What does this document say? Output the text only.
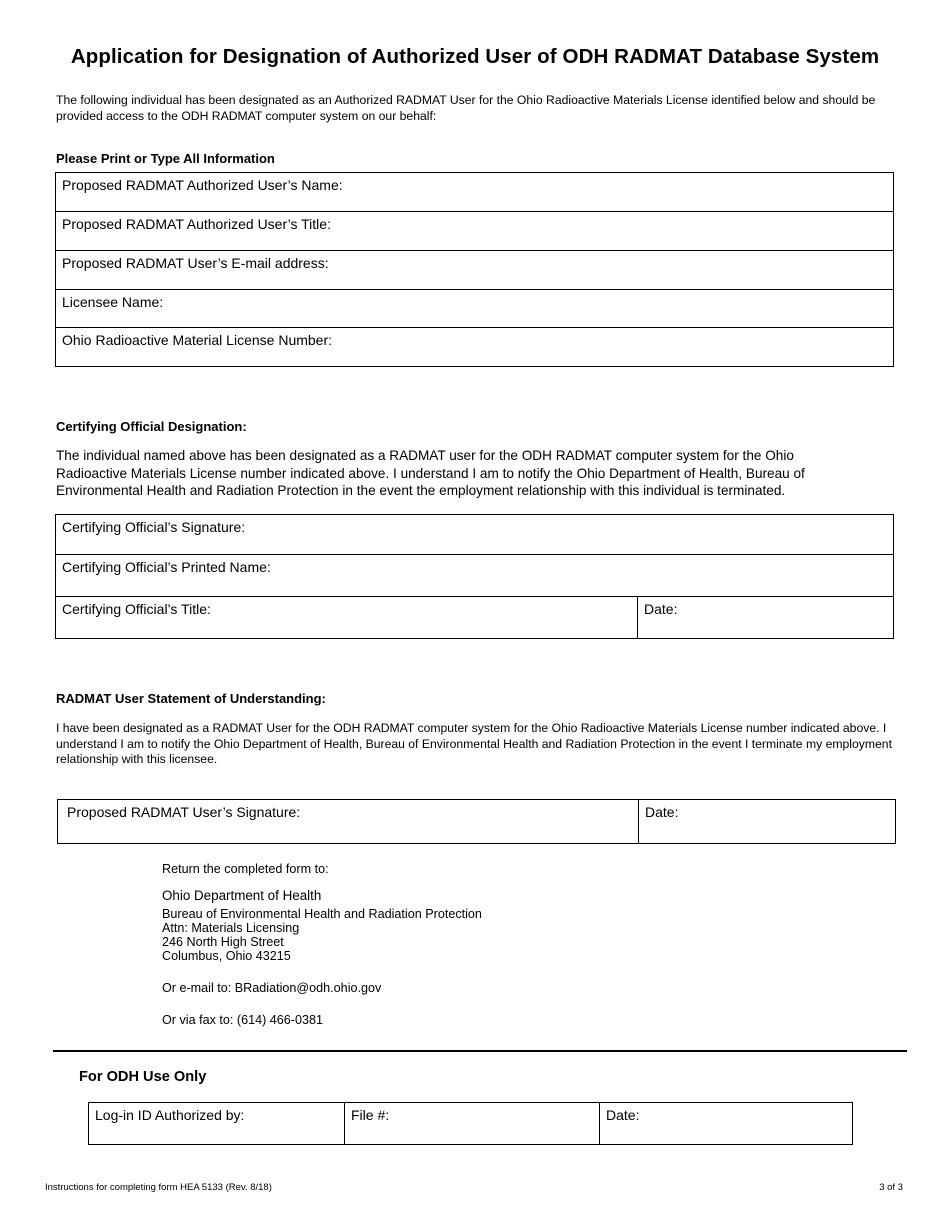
Application for Designation of Authorized User of ODH RADMAT Database System
The following individual has been designated as an Authorized RADMAT User for the Ohio Radioactive Materials License identified below and should be provided access to the ODH RADMAT computer system on our behalf:
Please Print or Type All Information
Proposed RADMAT Authorized User’s Name:
Proposed RADMAT Authorized User’s Title:
Proposed RADMAT User’s E-mail address:
Licensee Name:
Ohio Radioactive Material License Number:
Certifying Official Designation:
The individual named above has been designated as a RADMAT user for the ODH RADMAT computer system for the Ohio Radioactive Materials License number indicated above. I understand I am to notify the Ohio Department of Health, Bureau of Environmental Health and Radiation Protection in the event the employment relationship with this individual is terminated.
Certifying Official’s Signature:
Certifying Official’s Printed Name:
Certifying Official’s Title:	Date:
RADMAT User Statement of Understanding:
I have been designated as a RADMAT User for the ODH RADMAT computer system for the Ohio Radioactive Materials License number indicated above. I understand I am to notify the Ohio Department of Health, Bureau of Environmental Health and Radiation Protection in the event I terminate my employment relationship with this licensee.
Proposed RADMAT User’s Signature:	Date:
Return the completed form to:
Ohio Department of Health
Bureau of Environmental Health and Radiation Protection
Attn: Materials Licensing
246 North High Street
Columbus, Ohio 43215
Or e-mail to: BRadiation@odh.ohio.gov
Or via fax to: (614) 466-0381
For ODH Use Only
Log-in ID Authorized by:	File #:	Date:
Instructions for completing form HEA 5133 (Rev. 8/18)	3 of 3
